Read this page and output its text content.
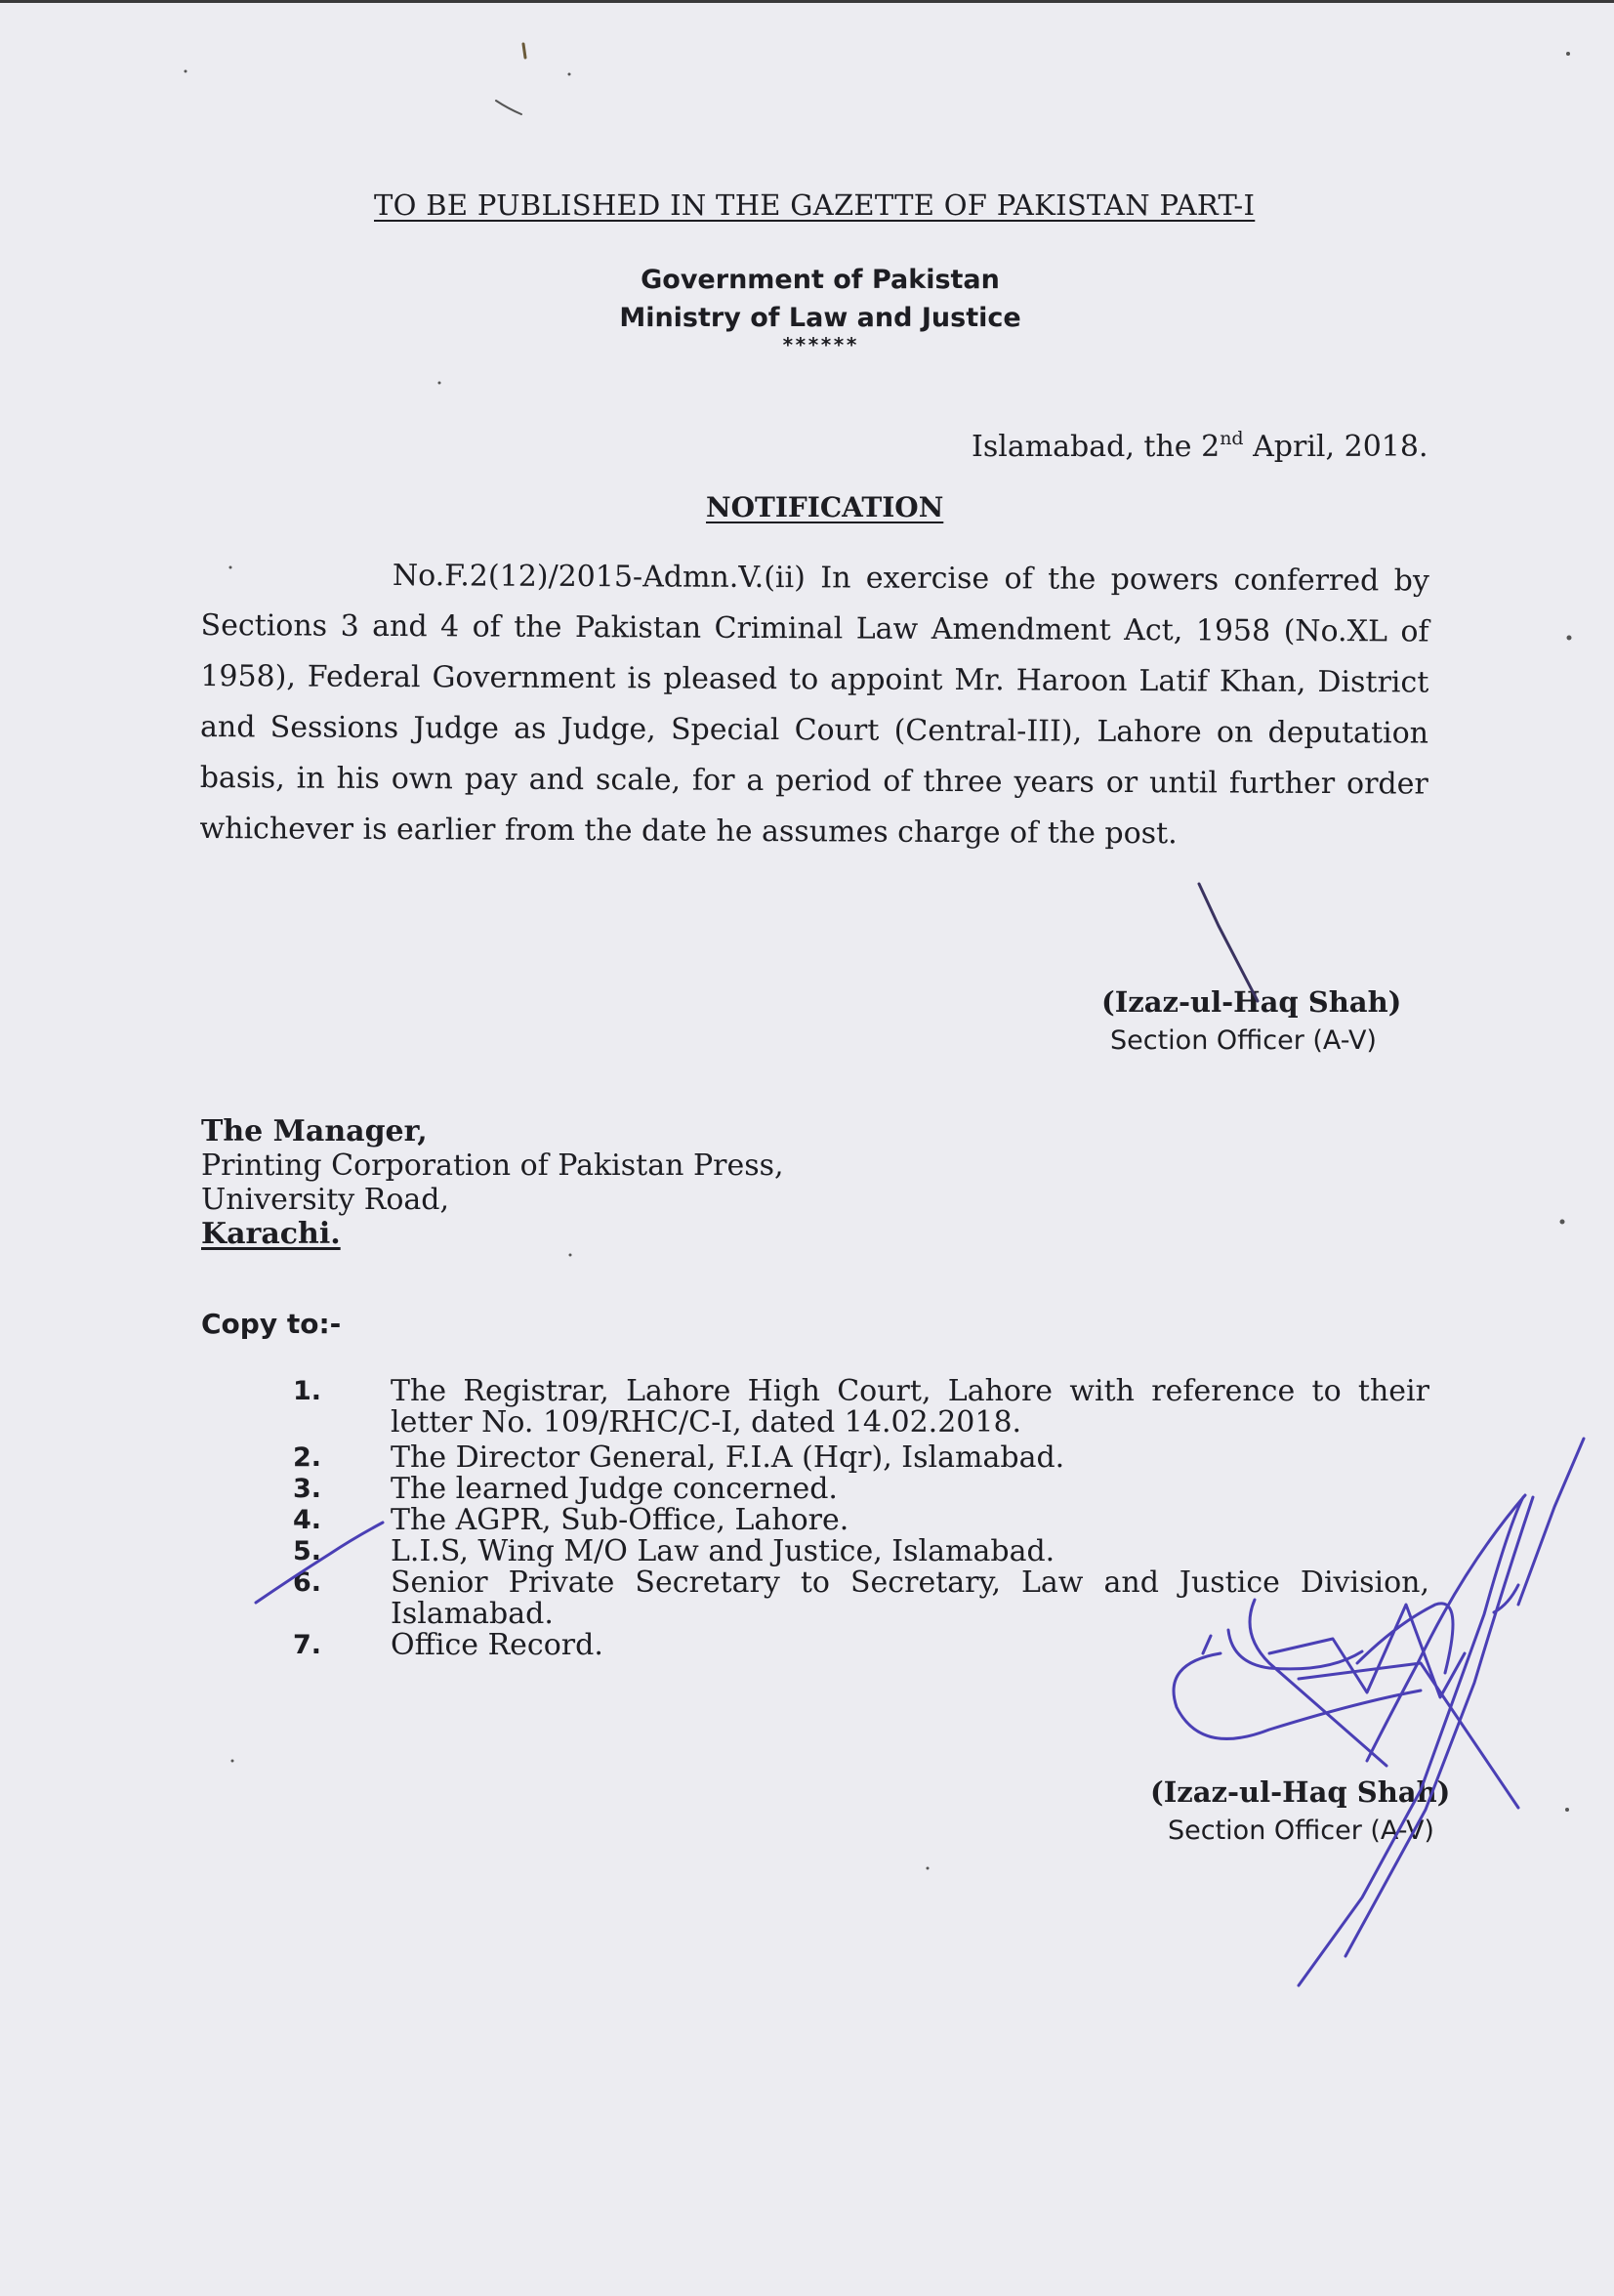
TO BE PUBLISHED IN THE GAZETTE OF PAKISTAN PART-I
Government of Pakistan
Ministry of Law and Justice
******
Islamabad, the 2nd April, 2018.
NOTIFICATION
No.F.2(12)/2015-Admn.V.(ii) In exercise of the powers conferred by Sections 3 and 4 of the Pakistan Criminal Law Amendment Act, 1958 (No.XL of 1958), Federal Government is pleased to appoint Mr. Haroon Latif Khan, District and Sessions Judge as Judge, Special Court (Central-III), Lahore on deputation basis, in his own pay and scale, for a period of three years or until further order whichever is earlier from the date he assumes charge of the post.
(Izaz-ul-Haq Shah)
Section Officer (A-V)
The Manager,
Printing Corporation of Pakistan Press,
University Road,
Karachi.
Copy to:-
1.	The Registrar, Lahore High Court, Lahore with reference to their letter No. 109/RHC/C-I, dated 14.02.2018.
2.	The Director General, F.I.A (Hqr), Islamabad.
3.	The learned Judge concerned.
4.	The AGPR, Sub-Office, Lahore.
5.	L.I.S, Wing M/O Law and Justice, Islamabad.
6.	Senior Private Secretary to Secretary, Law and Justice Division, Islamabad.
7.	Office Record.
(Izaz-ul-Haq Shah)
Section Officer (A-V)
